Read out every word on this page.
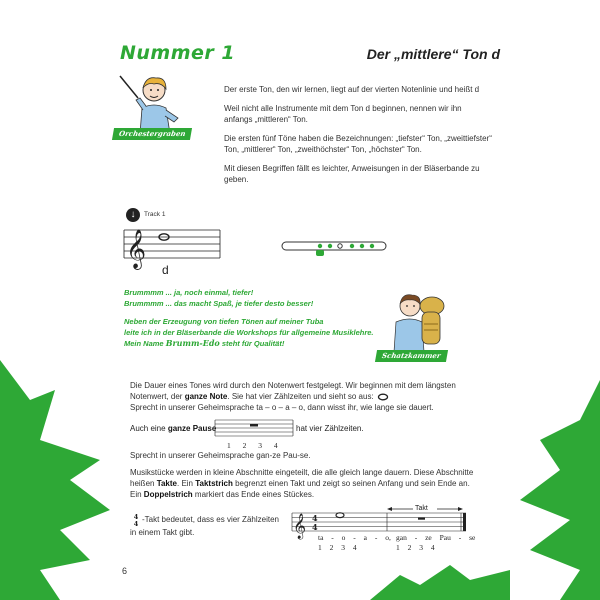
Nummer 1	Der „mittlere“ Ton d
Orchestergraben

Der erste Ton, den wir lernen, liegt auf der vierten Notenlinie und heißt d

Weil nicht alle Instrumente mit dem Ton d beginnen, nennen wir ihn anfangs „mittleren“ Ton.

Die ersten fünf Töne haben die Bezeichnungen: „tiefster“ Ton, „zweittiefster“ Ton, „mittlerer“ Ton, „zweithöchster“ Ton, „höchster“ Ton.

Mit diesen Begriffen fällt es leichter, Anweisungen in der Bläserbande zu geben.

↓	Track 1
𝄞
d

Brummmm ... ja, noch einmal, tiefer!
Brummmm ... das macht Spaß, je tiefer desto besser!

Neben der Erzeugung von tiefen Tönen auf meiner Tuba
leite ich in der Bläserbande die Workshops für allgemeine Musiklehre.
Mein Name Brumm-Edo steht für Qualität!

Schatzkammer
Die Dauer eines Tones wird durch den Notenwert festgelegt. Wir beginnen mit dem längsten Notenwert, der ganze Note. Sie hat vier Zählzeiten und sieht so aus:
Sprecht in unserer Geheimsprache ta – o – a – o, dann wisst ihr, wie lange sie dauert.
Auch eine ganze Pause
1 2 3 4
hat vier Zählzeiten.
Sprecht in unserer Geheimsprache gan-ze Pau-se.
Musikstücke werden in kleine Abschnitte eingeteilt, die alle gleich lange dauern. Diese Abschnitte heißen Takte. Ein Taktstrich begrenzt einen Takt und zeigt so seinen Anfang und sein Ende an. Ein Doppelstrich markiert das Ende eines Stückes.
4
4 -Takt bedeutet, dass es vier Zählzeiten in einem Takt gibt.
Takt
𝄞 4
4
ta - o - a - o,
1 2 3 4
gan - ze Pau - se
1 2 3 4
6
